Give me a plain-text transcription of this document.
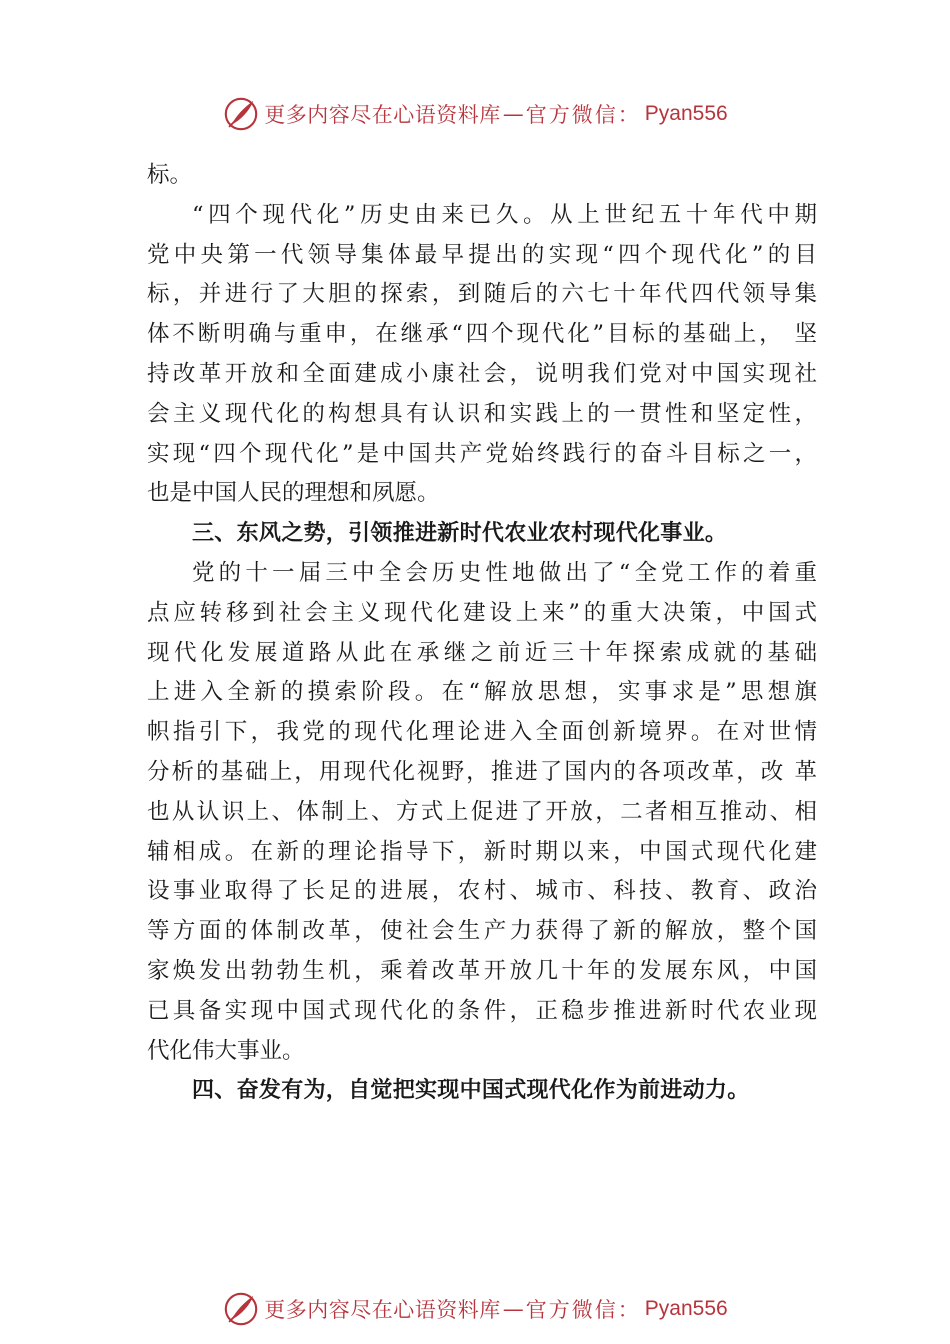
更多内容尽在心语资料库 — 官方微信： Pyan556
标。
“四个现代化”历史由来已久。从上世纪五十年代中期
党中央第一代领导集体最早提出的实现“四个现代化”的目
标，并进行了大胆的探索，到随后的六七十年代四代领导集
体不断明确与重申，在继承“四个现代化”目标的基础上， 坚
持改革开放和全面建成小康社会，说明我们党对中国实现社
会主义现代化的构想具有认识和实践上的一贯性和坚定性，
实现“四个现代化”是中国共产党始终践行的奋斗目标之一，
也是中国人民的理想和夙愿。
三、东风之势，引领推进新时代农业农村现代化事业。
党的十一届三中全会历史性地做出了“全党工作的着重
点应转移到社会主义现代化建设上来”的重大决策，中国式
现代化发展道路从此在承继之前近三十年探索成就的基础
上进入全新的摸索阶段。在“解放思想，实事求是”思想旗
帜指引下，我党的现代化理论进入全面创新境界。在对世情
分析的基础上，用现代化视野，推进了国内的各项改革，改 革
也从认识上、体制上、方式上促进了开放，二者相互推动、相
辅相成。在新的理论指导下，新时期以来，中国式现代化建
设事业取得了长足的进展，农村、城市、科技、教育、政治
等方面的体制改革，使社会生产力获得了新的解放，整个国
家焕发出勃勃生机，乘着改革开放几十年的发展东风，中国
已具备实现中国式现代化的条件，正稳步推进新时代农业现
代化伟大事业。
四、奋发有为，自觉把实现中国式现代化作为前进动力。
更多内容尽在心语资料库 — 官方微信： Pyan556
